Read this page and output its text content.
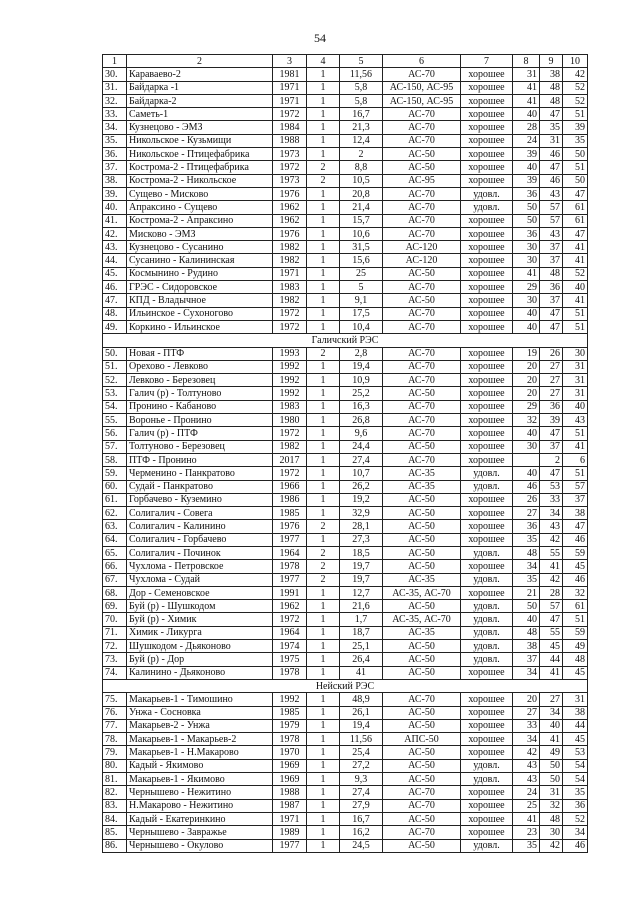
54
1	2	3	4	5	6	7	8	9	10
30.	Караваево-2	1981	1	11,56	АС-70	хорошее	31	38	42
31.	Байдарка -1	1971	1	5,8	АС-150, АС-95	хорошее	41	48	52
32.	Байдарка-2	1971	1	5,8	АС-150, АС-95	хорошее	41	48	52
33.	Саметь-1	1972	1	16,7	АС-70	хорошее	40	47	51
34.	Кузнецово - ЭМЗ	1984	1	21,3	АС-70	хорошее	28	35	39
35.	Никольское - Кузьмищи	1988	1	12,4	АС-70	хорошее	24	31	35
36.	Никольское - Птицефабрика	1973	1	2	АС-50	хорошее	39	46	50
37.	Кострома-2 - Птицефабрика	1972	2	8,8	АС-50	хорошее	40	47	51
38.	Кострома-2 - Никольское	1973	2	10,5	АС-95	хорошее	39	46	50
39.	Сущево - Мисково	1976	1	20,8	АС-70	удовл.	36	43	47
40.	Апраксино - Сущево	1962	1	21,4	АС-70	удовл.	50	57	61
41.	Кострома-2 - Апраксино	1962	1	15,7	АС-70	хорошее	50	57	61
42.	Мисково - ЭМЗ	1976	1	10,6	АС-70	хорошее	36	43	47
43.	Кузнецово - Сусанино	1982	1	31,5	АС-120	хорошее	30	37	41
44.	Сусанино - Калининская	1982	1	15,6	АС-120	хорошее	30	37	41
45.	Космынино - Рудино	1971	1	25	АС-50	хорошее	41	48	52
46.	ГРЭС - Сидоровское	1983	1	5	АС-70	хорошее	29	36	40
47.	КПД - Владычное	1982	1	9,1	АС-50	хорошее	30	37	41
48.	Ильинское - Сухоногово	1972	1	17,5	АС-70	хорошее	40	47	51
49.	Коркино - Ильинское	1972	1	10,4	АС-70	хорошее	40	47	51
Галичский РЭС									
50.	Новая - ПТФ	1993	2	2,8	АС-70	хорошее	19	26	30
51.	Орехово - Левково	1992	1	19,4	АС-70	хорошее	20	27	31
52.	Левково - Березовец	1992	1	10,9	АС-70	хорошее	20	27	31
53.	Галич (р) - Толтуново	1992	1	25,2	АС-50	хорошее	20	27	31
54.	Пронино - Кабаново	1983	1	16,3	АС-70	хорошее	29	36	40
55.	Воронье - Пронино	1980	1	26,8	АС-70	хорошее	32	39	43
56.	Галич (р) - ПТФ	1972	1	9,6	АС-70	хорошее	40	47	51
57.	Толтуново - Березовец	1982	1	24,4	АС-50	хорошее	30	37	41
58.	ПТФ - Пронино	2017	1	27,4	АС-70	хорошее		2	6
59.	Черменино - Панкратово	1972	1	10,7	АС-35	удовл.	40	47	51
60.	Судай - Панкратово	1966	1	26,2	АС-35	удовл.	46	53	57
61.	Горбачево - Куземино	1986	1	19,2	АС-50	хорошее	26	33	37
62.	Солигалич - Совега	1985	1	32,9	АС-50	хорошее	27	34	38
63.	Солигалич - Калинино	1976	2	28,1	АС-50	хорошее	36	43	47
64.	Солигалич - Горбачево	1977	1	27,3	АС-50	хорошее	35	42	46
65.	Солигалич - Починок	1964	2	18,5	АС-50	удовл.	48	55	59
66.	Чухлома - Петровское	1978	2	19,7	АС-50	хорошее	34	41	45
67.	Чухлома - Судай	1977	2	19,7	АС-35	удовл.	35	42	46
68.	Дор - Семеновское	1991	1	12,7	АС-35, АС-70	хорошее	21	28	32
69.	Буй (р) - Шушкодом	1962	1	21,6	АС-50	удовл.	50	57	61
70.	Буй (р) - Химик	1972	1	1,7	АС-35, АС-70	удовл.	40	47	51
71.	Химик - Ликурга	1964	1	18,7	АС-35	удовл.	48	55	59
72.	Шушкодом - Дьяконово	1974	1	25,1	АС-50	удовл.	38	45	49
73.	Буй (р) - Дор	1975	1	26,4	АС-50	удовл.	37	44	48
74.	Калинино - Дьяконово	1978	1	41	АС-50	хорошее	34	41	45
Нейский РЭС									
75.	Макарьев-1 - Тимошино	1992	1	48,9	АС-70	хорошее	20	27	31
76.	Унжа - Сосновка	1985	1	26,1	АС-50	хорошее	27	34	38
77.	Макарьев-2 - Унжа	1979	1	19,4	АС-50	хорошее	33	40	44
78.	Макарьев-1 - Макарьев-2	1978	1	11,56	АПС-50	хорошее	34	41	45
79.	Макарьев-1 - Н.Макарово	1970	1	25,4	АС-50	хорошее	42	49	53
80.	Кадый - Якимово	1969	1	27,2	АС-50	удовл.	43	50	54
81.	Макарьев-1 - Якимово	1969	1	9,3	АС-50	удовл.	43	50	54
82.	Чернышево - Нежитино	1988	1	27,4	АС-70	хорошее	24	31	35
83.	Н.Макарово - Нежитино	1987	1	27,9	АС-70	хорошее	25	32	36
84.	Кадый - Екатеринкино	1971	1	16,7	АС-50	хорошее	41	48	52
85.	Чернышево - Завражье	1989	1	16,2	АС-70	хорошее	23	30	34
86.	Чернышево - Окулово	1977	1	24,5	АС-50	удовл.	35	42	46
